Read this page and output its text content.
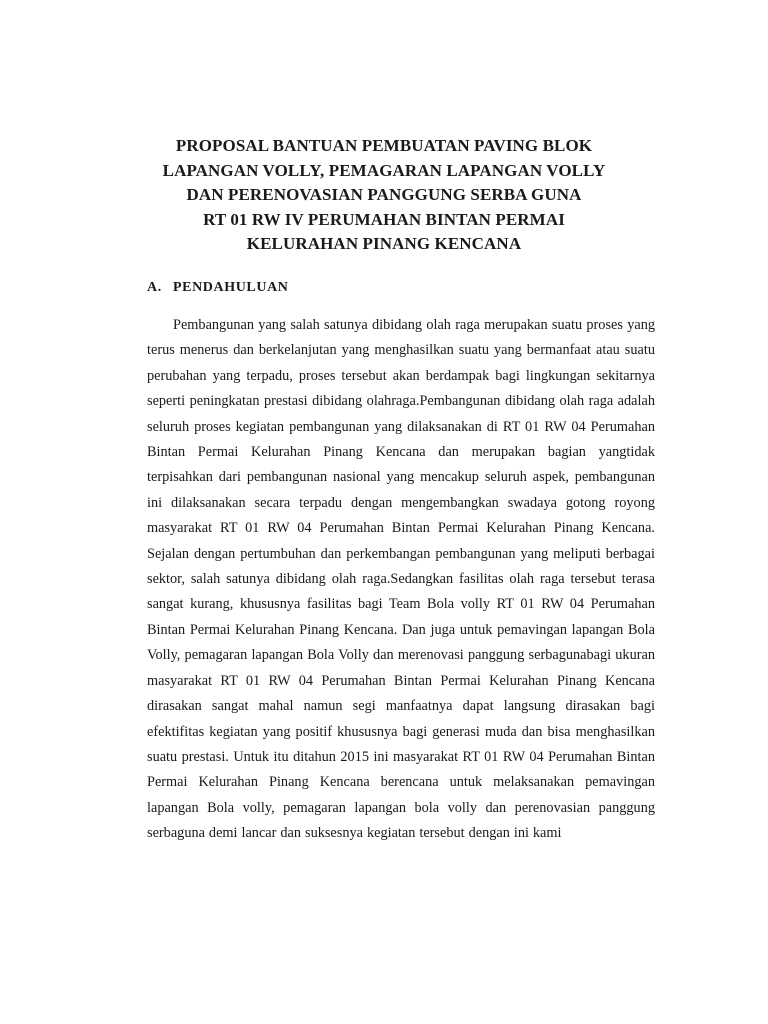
PROPOSAL BANTUAN PEMBUATAN PAVING BLOK
LAPANGAN VOLLY, PEMAGARAN LAPANGAN VOLLY
DAN PERENOVASIAN PANGGUNG SERBA GUNA
RT 01 RW IV PERUMAHAN BINTAN PERMAI
KELURAHAN PINANG KENCANA
A. PENDAHULUAN

Pembangunan yang salah satunya dibidang olah raga merupakan suatu proses yang terus menerus dan berkelanjutan yang menghasilkan suatu yang bermanfaat atau suatu perubahan yang terpadu, proses tersebut akan berdampak bagi lingkungan sekitarnya seperti peningkatan prestasi dibidang olahraga.Pembangunan dibidang olah raga adalah seluruh proses kegiatan pembangunan yang dilaksanakan di RT 01 RW 04 Perumahan Bintan Permai Kelurahan Pinang Kencana dan merupakan bagian yangtidak terpisahkan dari pembangunan nasional yang mencakup seluruh aspek, pembangunan ini dilaksanakan secara terpadu dengan mengembangkan swadaya gotong royong masyarakat RT 01 RW 04 Perumahan Bintan Permai Kelurahan Pinang Kencana. Sejalan dengan pertumbuhan dan perkembangan pembangunan yang meliputi berbagai sektor, salah satunya dibidang olah raga.Sedangkan fasilitas olah raga tersebut terasa sangat kurang, khususnya fasilitas bagi Team Bola volly RT 01 RW 04 Perumahan Bintan Permai Kelurahan Pinang Kencana. Dan juga untuk pemavingan lapangan Bola Volly, pemagaran lapangan Bola Volly dan merenovasi panggung serbagunabagi ukuran masyarakat RT 01 RW 04 Perumahan Bintan Permai Kelurahan Pinang Kencana dirasakan sangat mahal namun segi manfaatnya dapat langsung dirasakan bagi efektifitas kegiatan yang positif khususnya bagi generasi muda dan bisa menghasilkan suatu prestasi. Untuk itu ditahun 2015 ini masyarakat RT 01 RW 04 Perumahan Bintan Permai Kelurahan Pinang Kencana berencana untuk melaksanakan pemavingan lapangan Bola volly, pemagaran lapangan bola volly dan perenovasian panggung serbaguna demi lancar dan suksesnya kegiatan tersebut dengan ini kami
